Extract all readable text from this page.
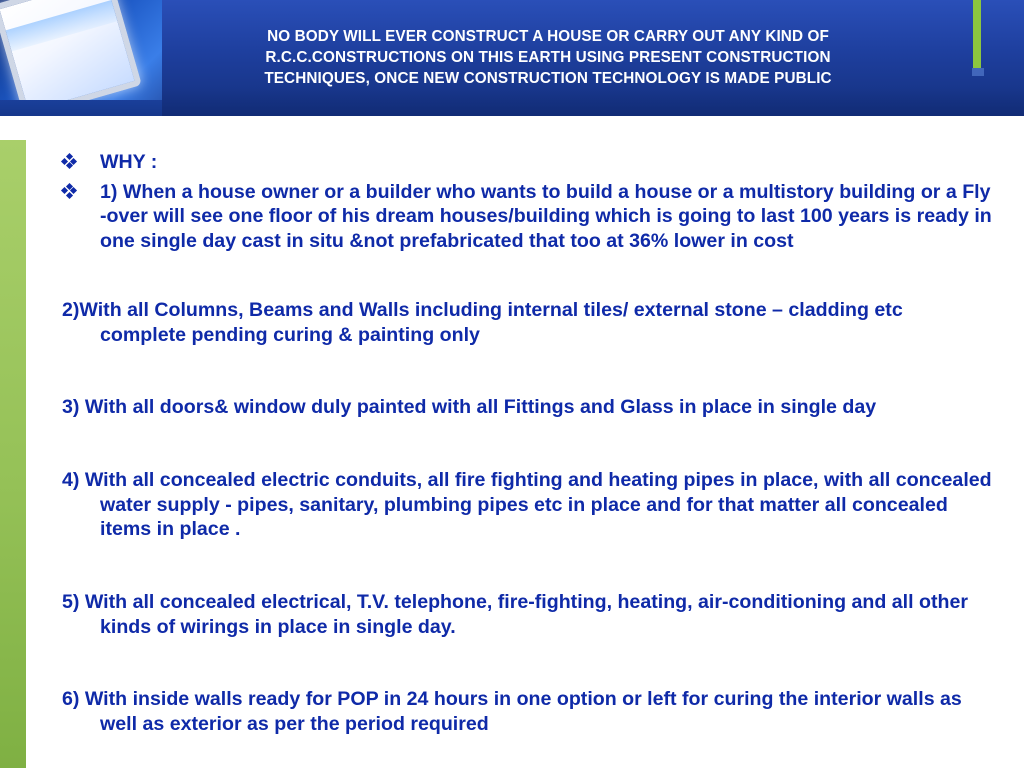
NO BODY WILL EVER CONSTRUCT A HOUSE OR CARRY OUT ANY KIND OF
R.C.C.CONSTRUCTIONS ON THIS EARTH USING PRESENT CONSTRUCTION
TECHNIQUES, ONCE NEW CONSTRUCTION TECHNOLOGY IS MADE PUBLIC
WHY :
1) When a house owner or a builder who wants to build a house or a multistory building or a Fly -over will see one floor of his dream houses/building which is going to last 100 years is ready in one single day cast in situ &not prefabricated that too at 36% lower in cost
2)With all Columns, Beams and Walls including internal tiles/ external stone – cladding etc complete pending curing & painting only
3) With all doors& window duly painted with all Fittings and Glass in place in single day
4) With all concealed electric conduits, all fire fighting and heating pipes in place, with all concealed water supply - pipes, sanitary, plumbing pipes etc in place and for that matter all concealed items in place .
5) With all concealed electrical, T.V. telephone, fire-fighting, heating, air-conditioning and all other kinds of wirings in place in single day.
6) With inside walls ready for POP in 24 hours in one option or left for curing the interior walls as well as exterior as per the period required
